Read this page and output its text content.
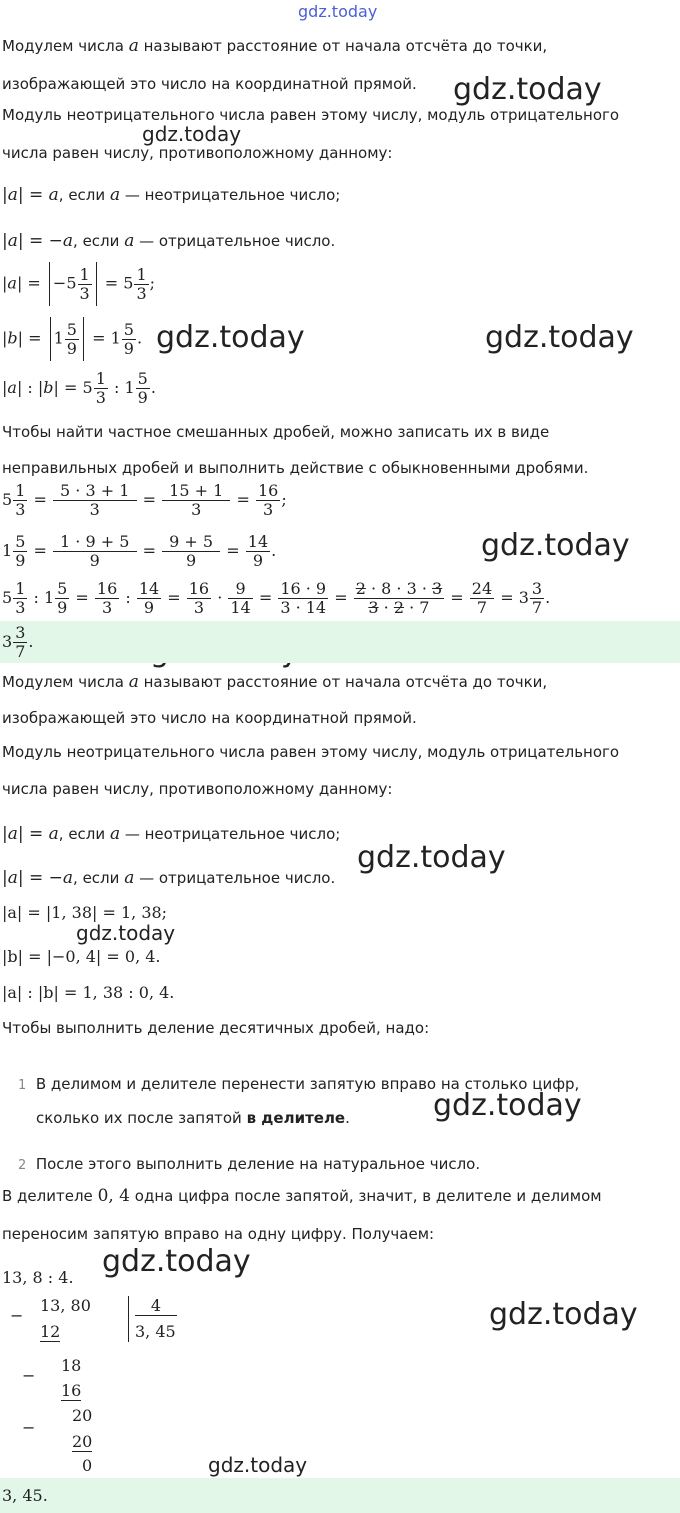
gdz.today
gdz.today
gdz.today
gdz.today	gdz.today
gdz.today
gdz.today
gdz.today
gdz.today
gdz.today
gdz.today
gdz.today
Модулем числа a называют расстояние от начала отсчёта до точки,
изображающей это число на координатной прямой.
Модуль неотрицательного числа равен этому числу, модуль отрицательного
числа равен числу, противоположному данному:
|a| = a, если a — неотрицательное число;
|a| = −a, если a — отрицательное число.
$|a| = -5 \frac{1}{3} = 5 \frac{1}{3}$ ;
$|b| = 1 \frac{5}{9} = 1 \frac{5}{9}$ .
|a| : $|b| = 5 \frac{1}{3}$ : $1 \frac{5}{9}$ .
Чтобы найти частное смешанных дробей, можно записать их в виде
неправильных дробей и выполнить действие с обыкновенными дробями.
$5 \frac{1}{3} = \frac{5 \cdot 3 + 1}{3} = \frac{15 + 1}{3} = \frac{16}{3}$ ;
$1 \frac{5}{9} = \frac{1 \cdot 9 + 5}{9} = \frac{9 + 5}{9} = \frac{14}{9}$ .
$5 \frac{1}{3}$ : $1 \frac{5}{9} = \frac{16}{3}$ : $\frac{14}{9} = \frac{16}{3} \cdot \frac{9}{14} = \frac{16 \cdot 9}{3 \cdot 14} = \frac{2 \cdot 8 \cdot 3 \cdot 3}{3 \cdot 2 \cdot 7} = \frac{24}{7} = 3 \frac{3}{7}$ .
$3 \frac{3}{7}$ .
Модулем числа a называют расстояние от начала отсчёта до точки,
изображающей это число на координатной прямой.
Модуль неотрицательного числа равен этому числу, модуль отрицательного
числа равен числу, противоположному данному:
|a| = a, если a — неотрицательное число;
|a| = −a, если a — отрицательное число.
|a| = |1, 38| = 1, 38;
|b| = |−0, 4| = 0, 4.
|a| : |b| = 1, 38 : 0, 4.
Чтобы выполнить деление десятичных дробей, надо:
1 В делимом и делителе перенести запятую вправо на столько цифр,
сколько их после запятой в делителе.
2 После этого выполнить деление на натуральное число.
В делителе 0, 4 одна цифра после запятой, значит, в делителе и делимом
переносим запятую вправо на одну цифру. Получаем:
13, 8 : 4.
−
13, 80
12
4
3, 45
−
18
16
−
20
20
0
3, 45.
